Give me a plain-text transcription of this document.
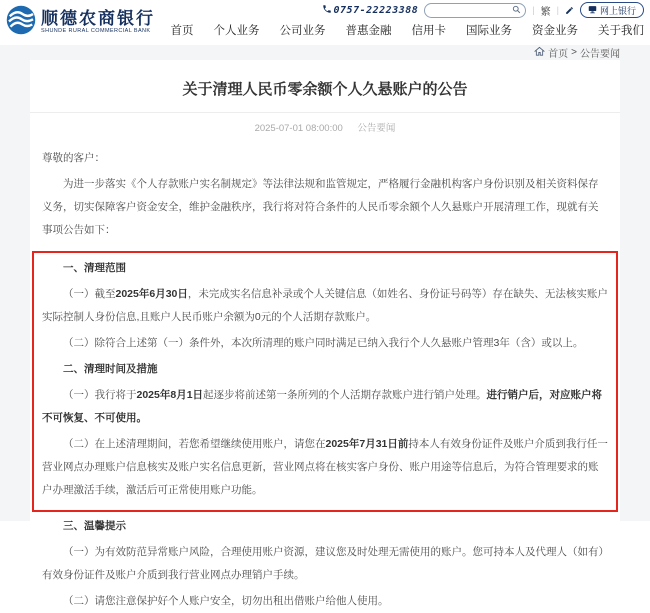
顺德农商银行
SHUNDE RURAL COMMERCIAL BANK
0757-22223388	| 繁 |	网上银行
首页 个人业务 公司业务 普惠金融 信用卡 国际业务 资金业务 关于我们
首页 > 公告要闻
关于清理人民币零余额个人久悬账户的公告
2025-07-01 08:00:00 公告要闻

尊敬的客户：

为进一步落实《个人存款账户实名制规定》等法律法规和监管规定，严格履行金融机构客户身份识别及相关资料保存义务，切实保障客户资金安全，维护金融秩序，我行将对符合条件的人民币零余额个人久悬账户开展清理工作，现就有关事项公告如下：

一、清理范围

（一）截至2025年6月30日，未完成实名信息补录或个人关键信息（如姓名、身份证号码等）存在缺失、无法核实账户实际控制人身份信息,且账户人民币账户余额为0元的个人活期存款账户。

（二）除符合上述第（一）条件外，本次所清理的账户同时满足已纳入我行个人久悬账户管理3年（含）或以上。

二、清理时间及措施

（一）我行将于2025年8月1日起逐步将前述第一条所列的个人活期存款账户进行销户处理。进行销户后，对应账户将不可恢复、不可使用。

（二）在上述清理期间，若您希望继续使用账户，请您在2025年7月31日前持本人有效身份证件及账户介质到我行任一营业网点办理账户信息核实及账户实名信息更新，营业网点将在核实客户身份、账户用途等信息后，为符合管理要求的账户办理激活手续，激活后可正常使用账户功能。

三、温馨提示

（一）为有效防范异常账户风险，合理使用账户资源，建议您及时处理无需使用的账户。您可持本人及代理人（如有）有效身份证件及账户介质到我行营业网点办理销户手续。

（二）请您注意保护好个人账户安全，切勿出租出借账户给他人使用。
